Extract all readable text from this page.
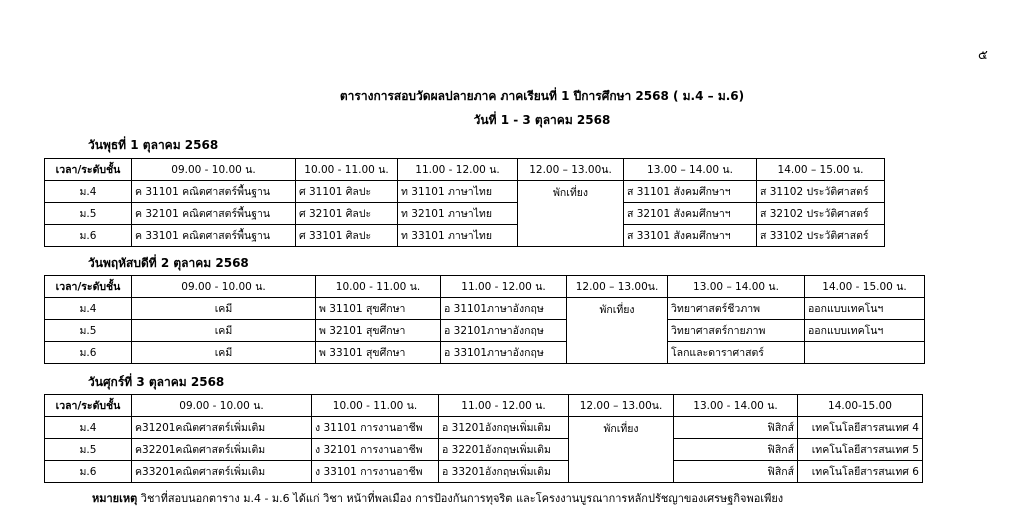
๕
ตารางการสอบวัดผลปลายภาค ภาคเรียนที่ 1 ปีการศึกษา 2568 ( ม.4 – ม.6)
วันที่ 1 - 3 ตุลาคม 2568
วันพุธที่ 1 ตุลาคม 2568
เวลา/ระดับชั้น	09.00 - 10.00 น.	10.00 - 11.00 น.	11.00 - 12.00 น.	12.00 – 13.00น.	13.00 – 14.00 น.	14.00 – 15.00 น.
ม.4	ค 31101 คณิตศาสตร์พื้นฐาน	ศ 31101 ศิลปะ	ท 31101 ภาษาไทย	พักเที่ยง	ส 31101 สังคมศึกษาฯ	ส 31102 ประวัติศาสตร์
ม.5	ค 32101 คณิตศาสตร์พื้นฐาน	ศ 32101 ศิลปะ	ท 32101 ภาษาไทย		ส 32101 สังคมศึกษาฯ	ส 32102 ประวัติศาสตร์
ม.6	ค 33101 คณิตศาสตร์พื้นฐาน	ศ 33101 ศิลปะ	ท 33101 ภาษาไทย		ส 33101 สังคมศึกษาฯ	ส 33102 ประวัติศาสตร์
วันพฤหัสบดีที่ 2 ตุลาคม 2568
เวลา/ระดับชั้น	09.00 - 10.00 น.	10.00 - 11.00 น.	11.00 - 12.00 น.	12.00 – 13.00น.	13.00 – 14.00 น.	14.00 - 15.00 น.
ม.4	เคมี	พ 31101 สุขศึกษา	อ 31101ภาษาอังกฤษ	พักเที่ยง	วิทยาศาสตร์ชีวภาพ	ออกแบบเทคโนฯ
ม.5	เคมี	พ 32101 สุขศึกษา	อ 32101ภาษาอังกฤษ		วิทยาศาสตร์กายภาพ	ออกแบบเทคโนฯ
ม.6	เคมี	พ 33101 สุขศึกษา	อ 33101ภาษาอังกฤษ		โลกและดาราศาสตร์	
วันศุกร์ที่ 3 ตุลาคม 2568
เวลา/ระดับชั้น	09.00 - 10.00 น.	10.00 - 11.00 น.	11.00 - 12.00 น.	12.00 – 13.00น.	13.00 - 14.00 น.	14.00-15.00
ม.4	ค31201คณิตศาสตร์เพิ่มเติม	ง 31101 การงานอาชีพ	อ 31201อังกฤษเพิ่มเติม	พักเที่ยง	ฟิสิกส์	เทคโนโลยีสารสนเทศ 4
ม.5	ค32201คณิตศาสตร์เพิ่มเติม	ง 32101 การงานอาชีพ	อ 32201อังกฤษเพิ่มเติม		ฟิสิกส์	เทคโนโลยีสารสนเทศ 5
ม.6	ค33201คณิตศาสตร์เพิ่มเติม	ง 33101 การงานอาชีพ	อ 33201อังกฤษเพิ่มเติม		ฟิสิกส์	เทคโนโลยีสารสนเทศ 6
หมายเหตุ วิชาที่สอบนอกตาราง ม.4 - ม.6 ได้แก่ วิชา หน้าที่พลเมือง การป้องกันการทุจริต และโครงงานบูรณาการหลักปรัชญาของเศรษฐกิจพอเพียง
